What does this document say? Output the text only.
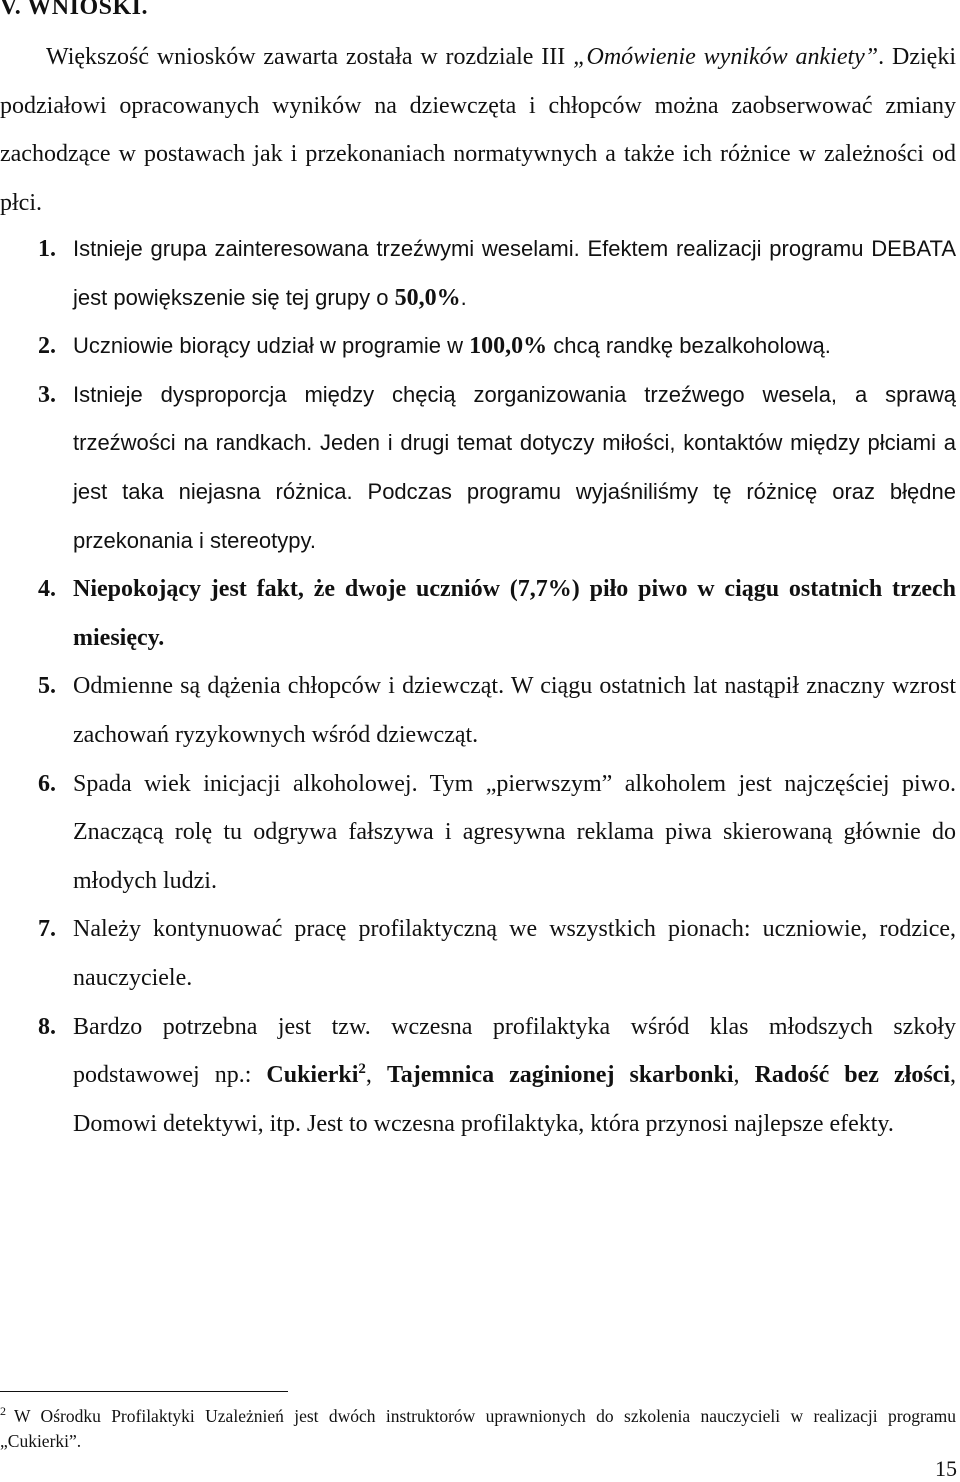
V. WNIOSKI.

Większość wniosków zawarta została w rozdziale III „Omówienie wyników ankiety”. Dzięki podziałowi opracowanych wyników na dziewczęta i chłopców można zaobserwować zmiany zachodzące w postawach jak i przekonaniach normatywnych a także ich różnice w zależności od płci.

1. Istnieje grupa zainteresowana trzeźwymi weselami. Efektem realizacji programu DEBATA jest powiększenie się tej grupy o 50,0%.
2. Uczniowie biorący udział w programie w 100,0% chcą randkę bezalkoholową.
3. Istnieje dysproporcja między chęcią zorganizowania trzeźwego wesela, a sprawą trzeźwości na randkach. Jeden i drugi temat dotyczy miłości, kontaktów między płciami a jest taka niejasna różnica. Podczas programu wyjaśniliśmy tę różnicę oraz błędne przekonania i stereotypy.
4. Niepokojący jest fakt, że dwoje uczniów (7,7%) piło piwo w ciągu ostatnich trzech miesięcy.
5. Odmienne są dążenia chłopców i dziewcząt. W ciągu ostatnich lat nastąpił znaczny wzrost zachowań ryzykownych wśród dziewcząt.
6. Spada wiek inicjacji alkoholowej. Tym „pierwszym” alkoholem jest najczęściej piwo. Znaczącą rolę tu odgrywa fałszywa i agresywna reklama piwa skierowaną głównie do młodych ludzi.
7. Należy kontynuować pracę profilaktyczną we wszystkich pionach: uczniowie, rodzice, nauczyciele.
8. Bardzo potrzebna jest tzw. wczesna profilaktyka wśród klas młodszych szkoły podstawowej np.: Cukierki$^2$, Tajemnica zaginionej skarbonki, Radość bez złości, Domowi detektywi, itp. Jest to wczesna profilaktyka, która przynosi najlepsze efekty.
$^2$ W Ośrodku Profilaktyki Uzależnień jest dwóch instruktorów uprawnionych do szkolenia nauczycieli w realizacji programu „Cukierki”.
15
